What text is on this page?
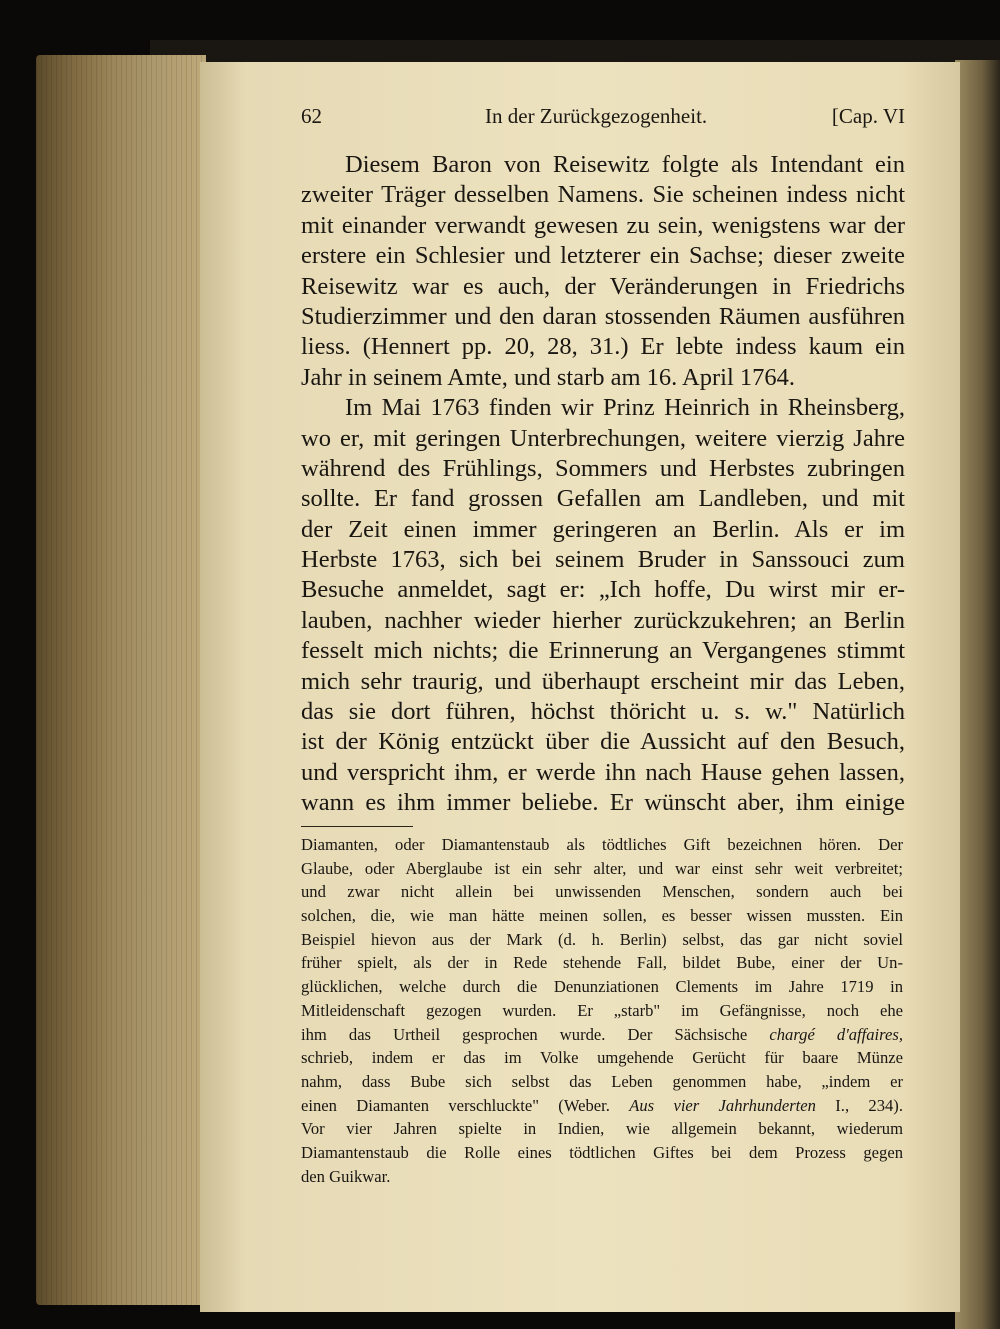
62	In der Zurückgezogenheit.	[Cap. VI
Diesem Baron von Reisewitz folgte als Intendant ein
zweiter Träger desselben Namens. Sie scheinen indess nicht
mit einander verwandt gewesen zu sein, wenigstens war der
erstere ein Schlesier und letzterer ein Sachse; dieser zweite
Reisewitz war es auch, der Veränderungen in Friedrichs
Studierzimmer und den daran stossenden Räumen ausführen
liess. (Hennert pp. 20, 28, 31.) Er lebte indess kaum ein
Jahr in seinem Amte, und starb am 16. April 1764.
Im Mai 1763 finden wir Prinz Heinrich in Rheinsberg,
wo er, mit geringen Unterbrechungen, weitere vierzig Jahre
während des Frühlings, Sommers und Herbstes zubringen
sollte. Er fand grossen Gefallen am Landleben, und mit
der Zeit einen immer geringeren an Berlin. Als er im
Herbste 1763, sich bei seinem Bruder in Sanssouci zum
Besuche anmeldet, sagt er: „Ich hoffe, Du wirst mir er-
lauben, nachher wieder hierher zurückzukehren; an Berlin
fesselt mich nichts; die Erinnerung an Vergangenes stimmt
mich sehr traurig, und überhaupt erscheint mir das Leben,
das sie dort führen, höchst thöricht u. s. w." Natürlich
ist der König entzückt über die Aussicht auf den Besuch,
und verspricht ihm, er werde ihn nach Hause gehen lassen,
wann es ihm immer beliebe. Er wünscht aber, ihm einige
Diamanten, oder Diamantenstaub als tödtliches Gift bezeichnen hören. Der
Glaube, oder Aberglaube ist ein sehr alter, und war einst sehr weit verbreitet;
und zwar nicht allein bei unwissenden Menschen, sondern auch bei
solchen, die, wie man hätte meinen sollen, es besser wissen mussten. Ein
Beispiel hievon aus der Mark (d. h. Berlin) selbst, das gar nicht soviel
früher spielt, als der in Rede stehende Fall, bildet Bube, einer der Un-
glücklichen, welche durch die Denunziationen Clements im Jahre 1719 in
Mitleidenschaft gezogen wurden. Er „starb" im Gefängnisse, noch ehe
ihm das Urtheil gesprochen wurde. Der Sächsische chargé d'affaires,
schrieb, indem er das im Volke umgehende Gerücht für baare Münze
nahm, dass Bube sich selbst das Leben genommen habe, „indem er
einen Diamanten verschluckte" (Weber. Aus vier Jahrhunderten I., 234).
Vor vier Jahren spielte in Indien, wie allgemein bekannt, wiederum
Diamantenstaub die Rolle eines tödtlichen Giftes bei dem Prozess gegen
den Guikwar.
